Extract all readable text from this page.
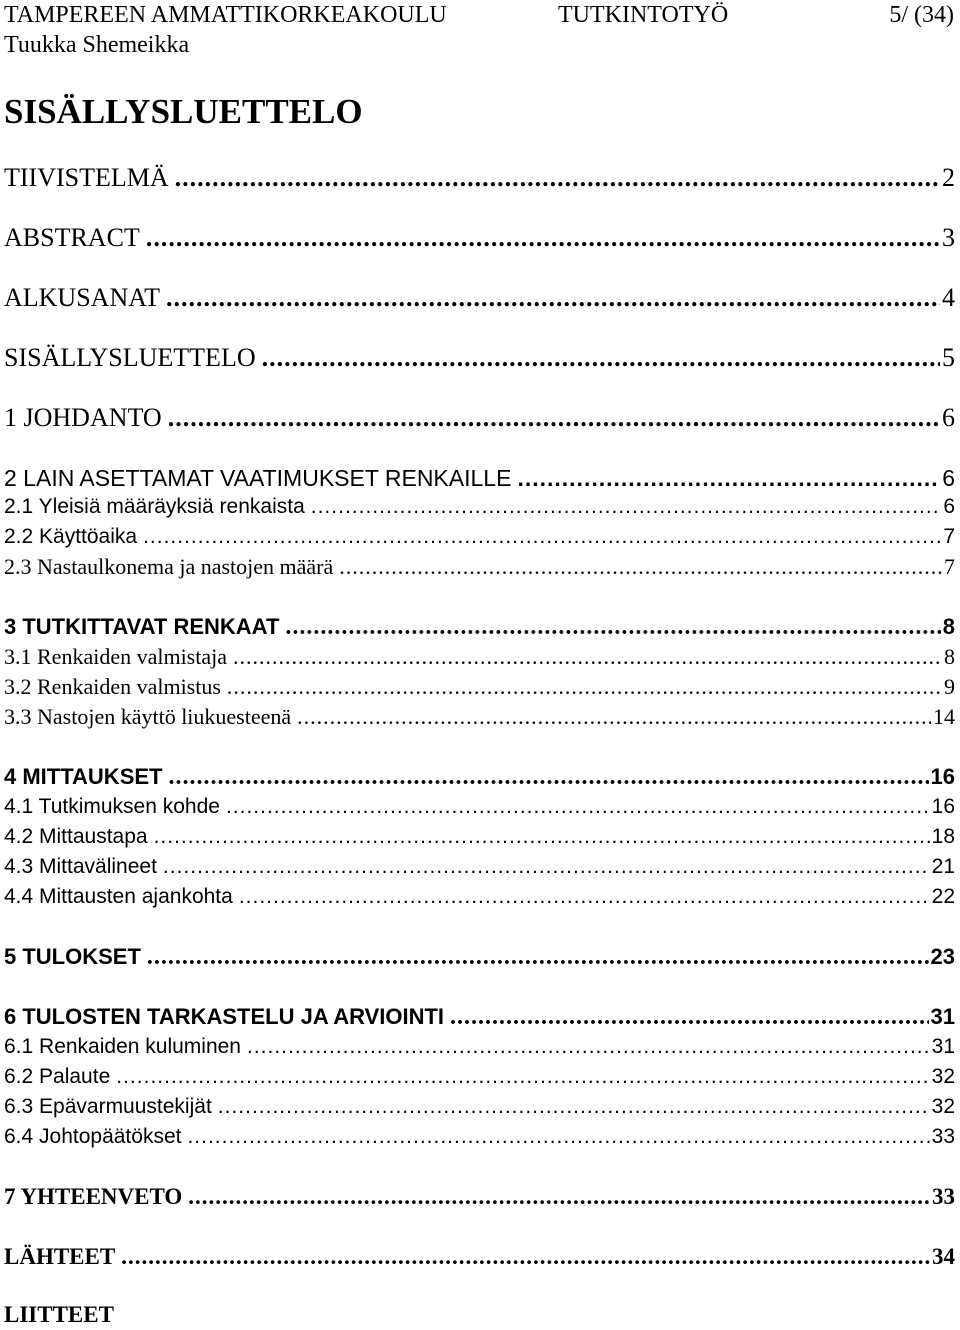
TAMPEREEN AMMATTIKORKEAKOULU	TUTKINTOTYÖ	5/ (34)
Tuukka Shemeikka
SISÄLLYSLUETTELO
TIIVISTELMÄ .....	2
ABSTRACT .....	3
ALKUSANAT .....	4
SISÄLLYSLUETTELO .....	5
1 JOHDANTO .....	6
2 LAIN ASETTAMAT VAATIMUKSET RENKAILLE .....	6
2.1 Yleisiä määräyksiä renkaista .....	6
2.2 Käyttöaika .....	7
2.3 Nastaulkonema ja nastojen määrä .....	7
3 TUTKITTAVAT RENKAAT .....	8
3.1 Renkaiden valmistaja .....	8
3.2 Renkaiden valmistus .....	9
3.3 Nastojen käyttö liukuesteenä .....	14
4 MITTAUKSET .....	16
4.1 Tutkimuksen kohde .....	16
4.2 Mittaustapa .....	18
4.3 Mittavälineet .....	21
4.4 Mittausten ajankohta .....	22
5 TULOKSET .....	23
6 TULOSTEN TARKASTELU JA ARVIOINTI .....	31
6.1 Renkaiden kuluminen .....	31
6.2 Palaute .....	32
6.3 Epävarmuustekijät .....	32
6.4 Johtopäätökset .....	33
7 YHTEENVETO .....	33
LÄHTEET .....	34
LIITTEET
